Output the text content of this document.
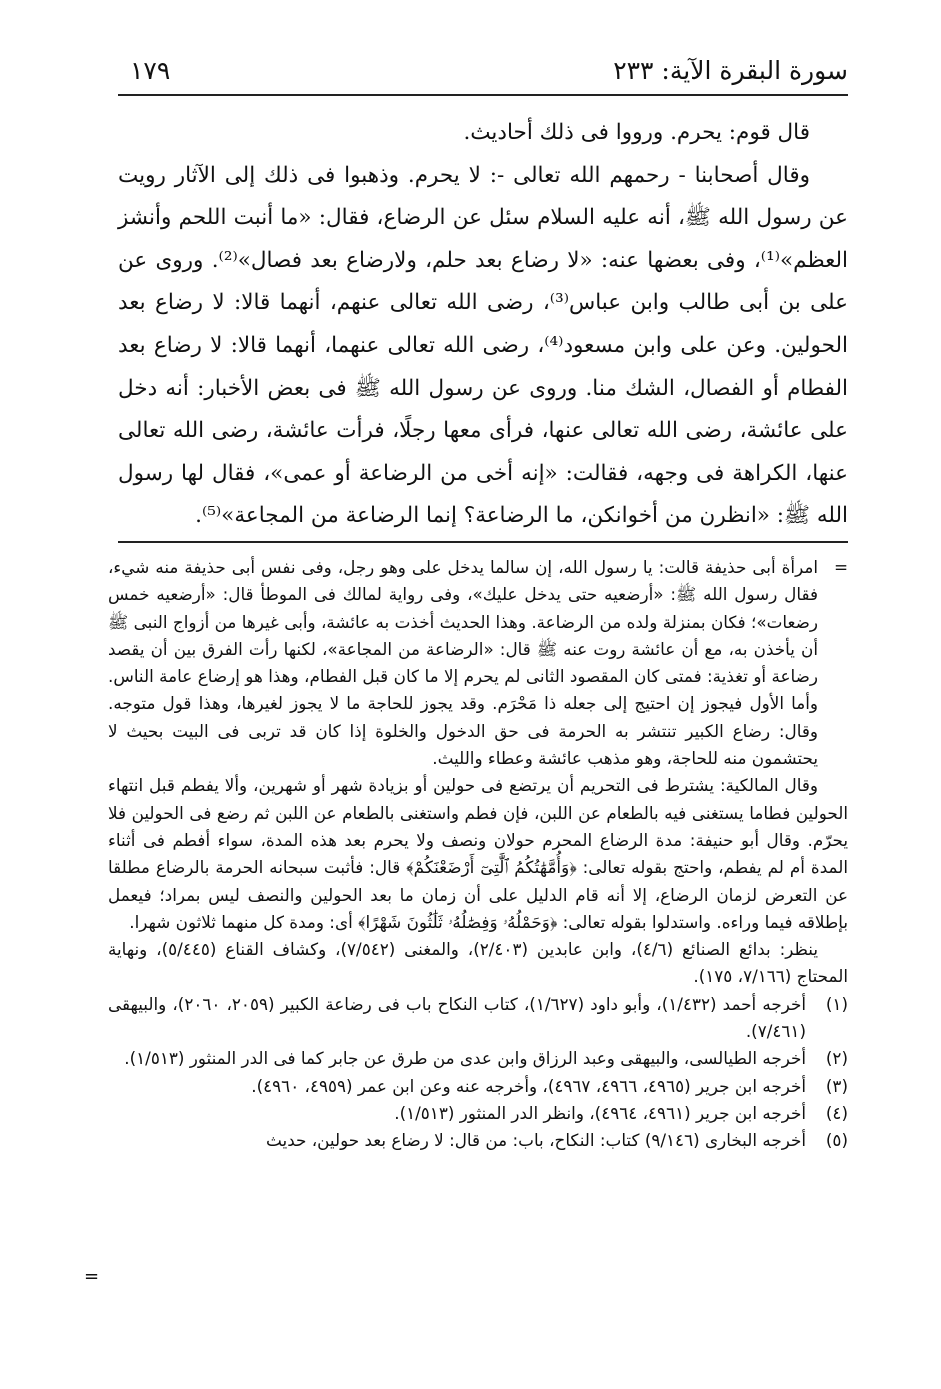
١٧٩	سورة البقرة الآية: ٢٣٣

قال قوم: يحرم. ورووا فى ذلك أحاديث.

وقال أصحابنا - رحمهم الله تعالى -: لا يحرم. وذهبوا فى ذلك إلى الآثار رويت عن رسول الله ﷺ، أنه عليه السلام سئل عن الرضاع، فقال: «ما أنبت اللحم وأنشز العظم»⁽¹⁾، وفى بعضها عنه: «لا رضاع بعد حلم، ولارضاع بعد فصال»⁽²⁾. وروى عن على بن أبى طالب وابن عباس⁽³⁾، رضى الله تعالى عنهم، أنهما قالا: لا رضاع بعد الحولين. وعن على وابن مسعود⁽⁴⁾، رضى الله تعالى عنهما، أنهما قالا: لا رضاع بعد الفطام أو الفصال، الشك منا. وروى عن رسول الله ﷺ فى بعض الأخبار: أنه دخل على عائشة، رضى الله تعالى عنها، فرأى معها رجلًا، فرأت عائشة، رضى الله تعالى عنها، الكراهة فى وجهه، فقالت: «إنه أخى من الرضاعة أو عمى»، فقال لها رسول الله ﷺ: «انظرن من أخوانكن، ما الرضاعة؟ إنما الرضاعة من المجاعة»⁽⁵⁾.

=
امرأة أبى حذيفة قالت: يا رسول الله، إن سالما يدخل على وهو رجل، وفى نفس أبى حذيفة منه شيء، فقال رسول الله ﷺ: «أرضعيه حتى يدخل عليك»، وفى رواية لمالك فى الموطأ قال: «أرضعيه خمس رضعات»؛ فكان بمنزلة ولده من الرضاعة. وهذا الحديث أخذت به عائشة، وأبى غيرها من أزواج النبى ﷺ أن يأخذن به، مع أن عائشة روت عنه ﷺ قال: «الرضاعة من المجاعة»، لكنها رأت الفرق بين أن يقصد رضاعة أو تغذية: فمتى كان المقصود الثانى لم يحرم إلا ما كان قبل الفطام، وهذا هو إرضاع عامة الناس. وأما الأول فيجوز إن احتيج إلى جعله ذا مَحْرَم. وقد يجوز للحاجة ما لا يجوز لغيرها، وهذا قول متوجه. وقال: رضاع الكبير تنتشر به الحرمة فى حق الدخول والخلوة إذا كان قد تربى فى البيت بحيث لا يحتشمون منه للحاجة، وهو مذهب عائشة وعطاء والليث.

وقال المالكية: يشترط فى التحريم أن يرتضع فى حولين أو بزيادة شهر أو شهرين، وألا يفطم قبل انتهاء الحولين فطاما يستغنى فيه بالطعام عن اللبن، فإن فطم واستغنى بالطعام عن اللبن ثم رضع فى الحولين فلا يحرّم. وقال أبو حنيفة: مدة الرضاع المحرم حولان ونصف ولا يحرم بعد هذه المدة، سواء أفطم فى أثناء المدة أم لم يفطم، واحتج بقوله تعالى: ﴿وَأُمَّهَٰتُكُمُ ٱلَّٰتِىٓ أَرْضَعْنَكُمْ﴾ قال: فأثبت سبحانه الحرمة بالرضاع مطلقا عن التعرض لزمان الرضاع، إلا أنه قام الدليل على أن زمان ما بعد الحولين والنصف ليس بمراد؛ فيعمل بإطلاقه فيما وراءه. واستدلوا بقوله تعالى: ﴿وَحَمْلُهُۥ وَفِصَٰلُهُۥ ثَلَٰثُونَ شَهْرًا﴾ أى: ومدة كل منهما ثلاثون شهرا.

ينظر: بدائع الصنائع (٤/٦)، وابن عابدين (٢/٤٠٣)، والمغنى (٧/٥٤٢)، وكشاف القناع (٥/٤٤٥)، ونهاية المحتاج (٧/١٦٦، ١٧٥).

(١)
أخرجه أحمد (١/٤٣٢)، وأبو داود (١/٦٢٧)، كتاب النكاح باب فى رضاعة الكبير (٢٠٥٩، ٢٠٦٠)، والبيهقى (٧/٤٦١).
(٢)
أخرجه الطيالسى، والبيهقى وعبد الرزاق وابن عدى من طرق عن جابر كما فى الدر المنثور (١/٥١٣).
(٣)
أخرجه ابن جرير (٤٩٦٥، ٤٩٦٦، ٤٩٦٧)، وأخرجه عنه وعن ابن عمر (٤٩٥٩، ٤٩٦٠).
(٤)
أخرجه ابن جرير (٤٩٦١، ٤٩٦٤)، وانظر الدر المنثور (١/٥١٣).
(٥)
أخرجه البخارى (٩/١٤٦) كتاب: النكاح، باب: من قال: لا رضاع بعد حولين، حديث
=
